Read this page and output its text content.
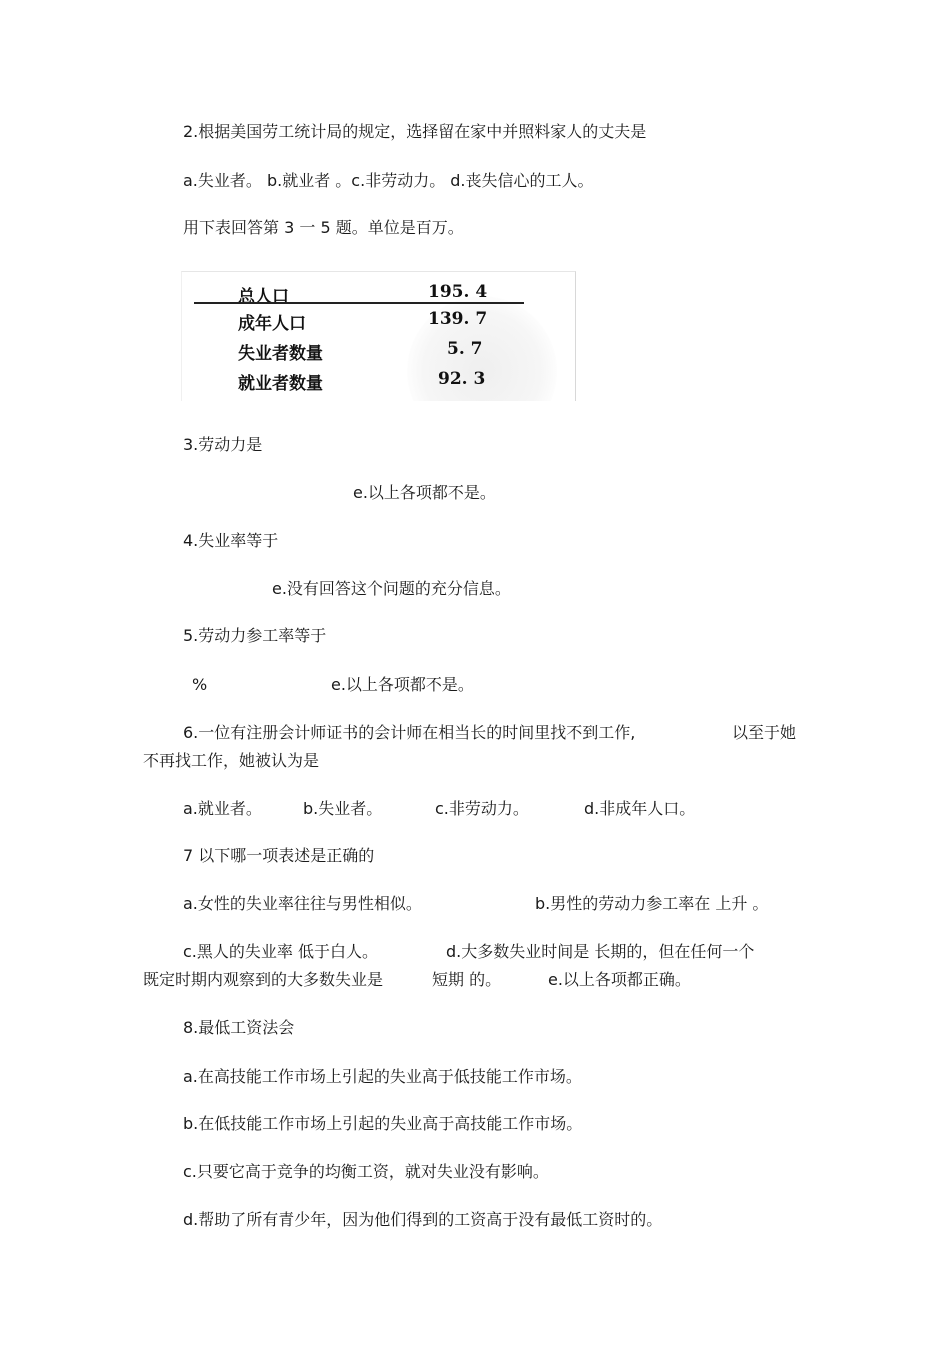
2.根据美国劳工统计局的规定，选择留在家中并照料家人的丈夫是
a.失业者。 b.就业者 。c.非劳动力。 d.丧失信心的工人。
用下表回答第 3 一 5 题。单位是百万。
总人口	195. 4
成年人口	139. 7
失业者数量	5. 7
就业者数量	92. 3
3.劳动力是
e.以上各项都不是。
4.失业率等于
e.没有回答这个问题的充分信息。
5.劳动力参工率等于
%	e.以上各项都不是。
6.一位有注册会计师证书的会计师在相当长的时间里找不到工作,	以至于她
不再找工作，她被认为是
a.就业者。	b.失业者。	c.非劳动力。	d.非成年人口。
7 以下哪一项表述是正确的
a.女性的失业率往往与男性相似。	b.男性的劳动力参工率在 上升 。
c.黑人的失业率 低于白人。	d.大多数失业时间是 长期的，但在任何一个
既定时期内观察到的大多数失业是	短期 的。	e.以上各项都正确。
8.最低工资法会
a.在高技能工作市场上引起的失业高于低技能工作市场。
b.在低技能工作市场上引起的失业高于高技能工作市场。
c.只要它高于竞争的均衡工资，就对失业没有影响。
d.帮助了所有青少年，因为他们得到的工资高于没有最低工资时的。
